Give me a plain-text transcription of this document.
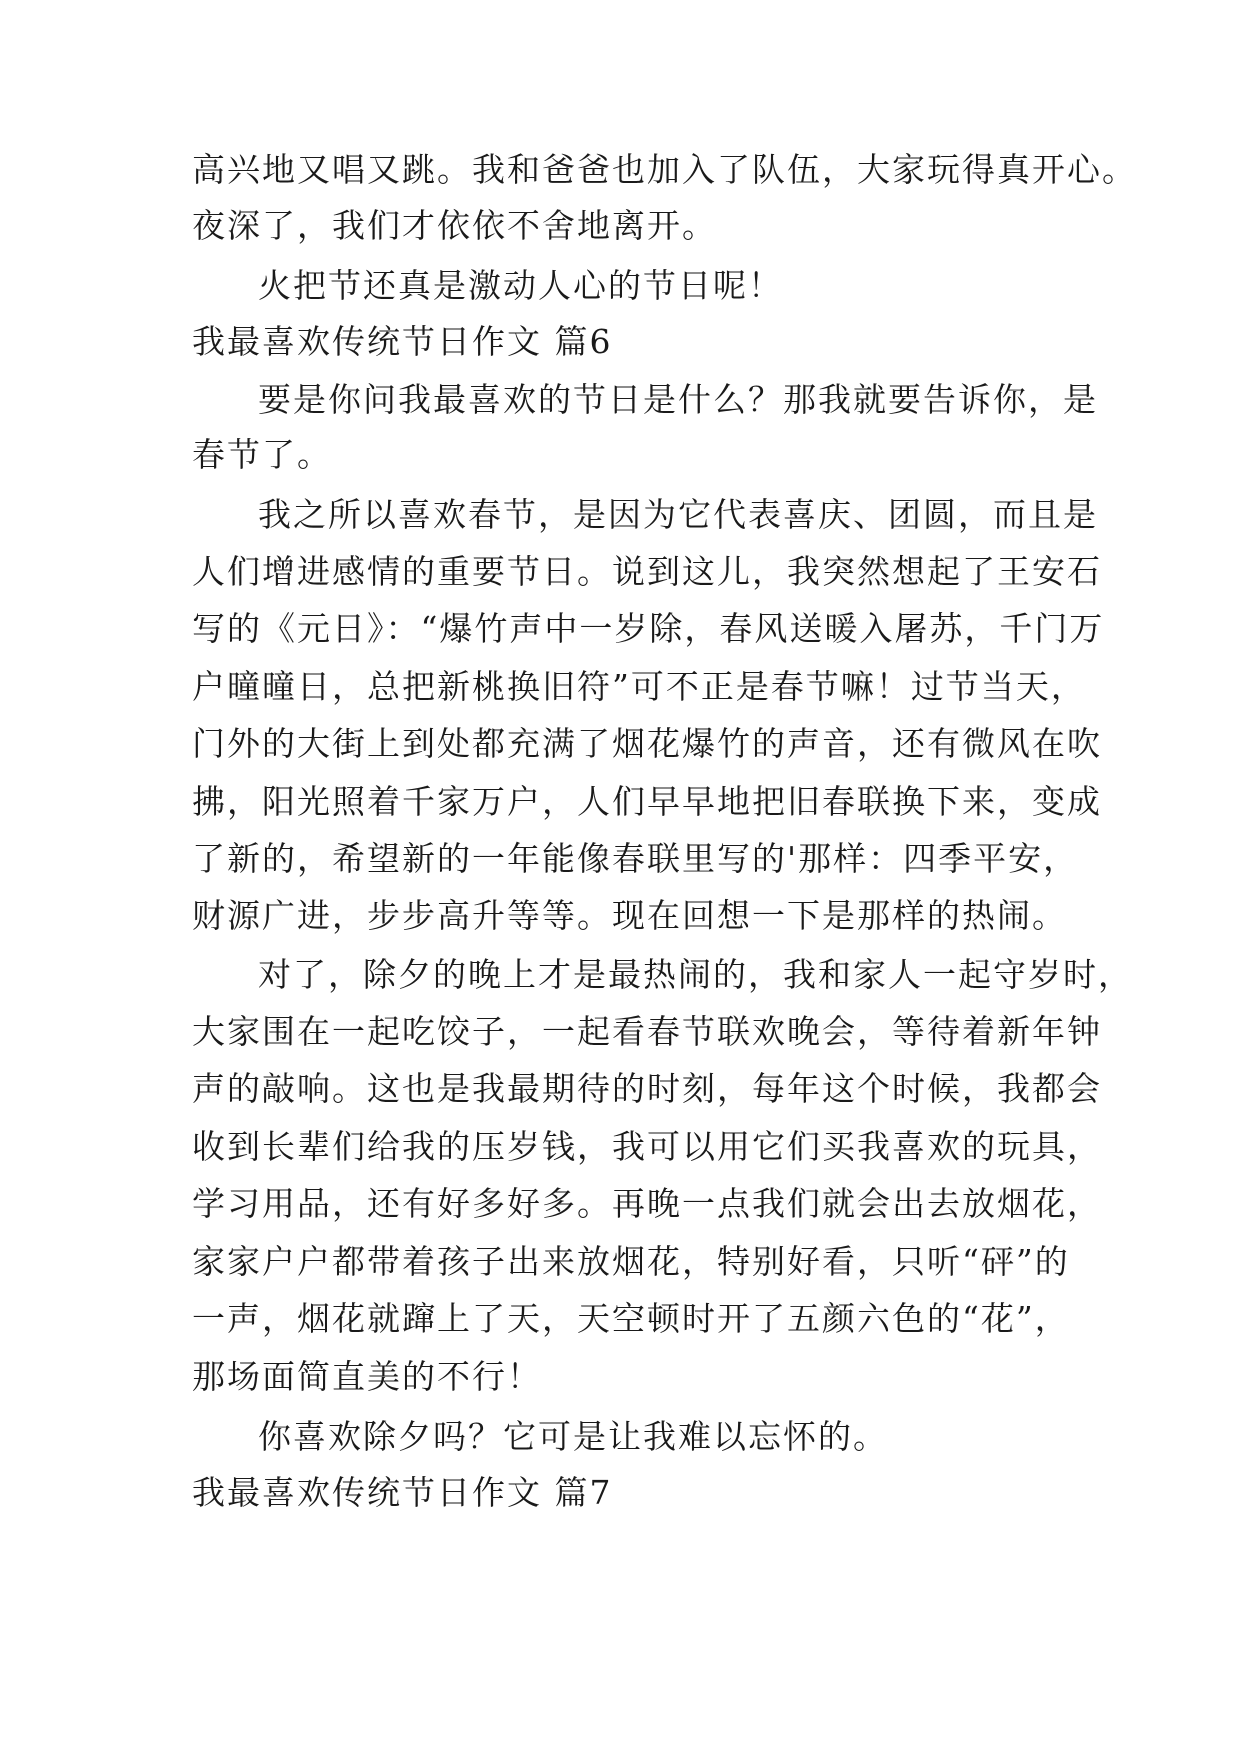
高兴地又唱又跳。我和爸爸也加入了队伍，大家玩得真开心。

夜深了，我们才依依不舍地离开。

火把节还真是激动人心的节日呢！

我最喜欢传统节日作文 篇6

要是你问我最喜欢的节日是什么？那我就要告诉你，是

春节了。

我之所以喜欢春节，是因为它代表喜庆、团圆，而且是

人们增进感情的重要节日。说到这儿，我突然想起了王安石

写的《元日》：“爆竹声中一岁除，春风送暖入屠苏，千门万

户曈曈日，总把新桃换旧符”可不正是春节嘛！过节当天，

门外的大街上到处都充满了烟花爆竹的声音，还有微风在吹

拂，阳光照着千家万户，人们早早地把旧春联换下来，变成

了新的，希望新的一年能像春联里写的'那样：四季平安，

财源广进，步步高升等等。现在回想一下是那样的热闹。

对了，除夕的晚上才是最热闹的，我和家人一起守岁时，

大家围在一起吃饺子，一起看春节联欢晚会，等待着新年钟

声的敲响。这也是我最期待的时刻，每年这个时候，我都会

收到长辈们给我的压岁钱，我可以用它们买我喜欢的玩具，

学习用品，还有好多好多。再晚一点我们就会出去放烟花，

家家户户都带着孩子出来放烟花，特别好看，只听“砰”的

一声，烟花就蹿上了天，天空顿时开了五颜六色的“花”，

那场面简直美的不行！

你喜欢除夕吗？它可是让我难以忘怀的。

我最喜欢传统节日作文 篇7
